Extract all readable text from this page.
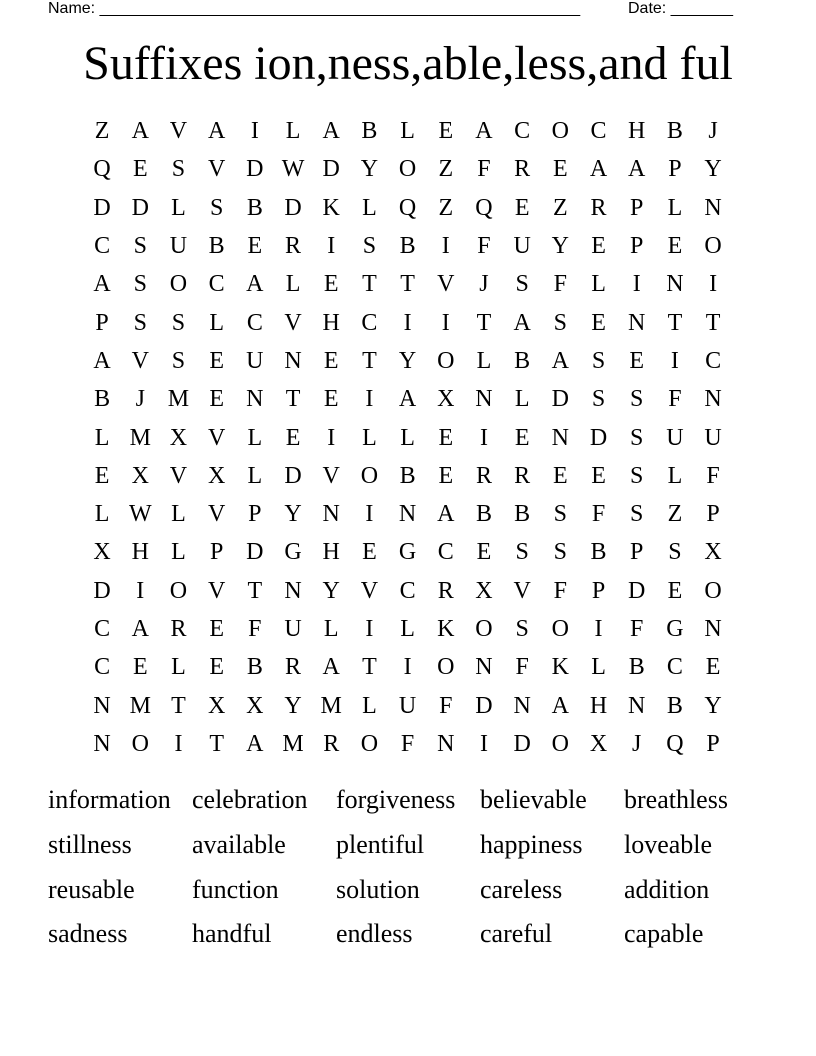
Name: ______________________________________________________	Date: _______
Suffixes ion,ness,able,less,and ful
Z A V A	I	L A B L E A C O C H B	J
Q E	S V D W D Y O Z	F R E A A P Y
D D L	S B D K L Q Z Q E Z R P	L N
C S U B E R	I	S B	I	F U Y E	P	E O
A S O C A L E T T V	J	S	F	L	I	N	I
P	S	S	L C V H C	I	I	T A S	E N T T
A V S	E U N E T Y O L B A S	E	I	C
B	J M E N T E	I	A X N L D S	S	F N
L M X V L E	I	L L E	I	E N D S U U
E X V X L D V O B E R R E E	S	L	F
L W L V P Y N	I	N A B B S	F	S	Z	P
X H L	P D G H E G C E	S	S B P	S X
D	I	O V T N Y V C R X V F	P D E O
C A R E	F U L	I	L K O S O	I	F G N
C E L E B R A T	I	O N F K L B C E
N M T X X Y M L U F D N A H N B Y
N O	I	T A M R O F N	I	D O X	J	Q P
information celebration	forgiveness believable	breathless
stillness	available	plentiful	happiness	loveable
reusable	function	solution	careless	addition
sadness	handful	endless	careful	capable
